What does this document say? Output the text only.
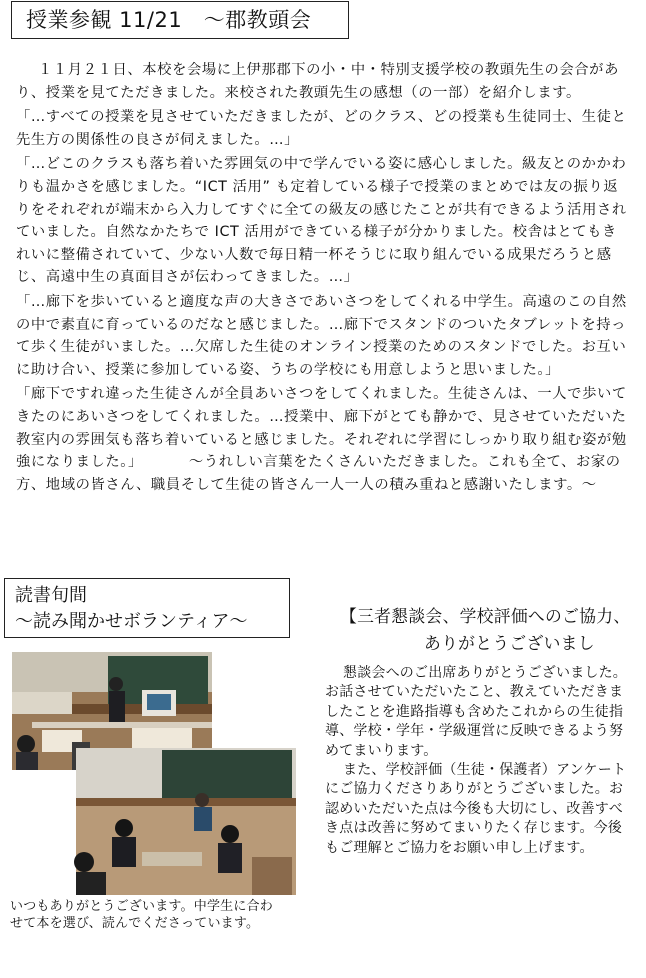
授業参観 11/21　～郡教頭会

１１月２１日、本校を会場に上伊那郡下の小・中・特別支援学校の教頭先生の会合があり、授業を見てただきました。来校された教頭先生の感想（の一部）を紹介します。

「…すべての授業を見させていただきましたが、どのクラス、どの授業も生徒同士、生徒と先生方の関係性の良さが伺えました。…」

「…どこのクラスも落ち着いた雰囲気の中で学んでいる姿に感心しました。級友とのかかわりも温かさを感じました。“ICT 活用” も定着している様子で授業のまとめでは友の振り返りをそれぞれが端末から入力してすぐに全ての級友の感じたことが共有できるよう活用されていました。自然なかたちで ICT 活用ができている様子が分かりました。校舎はとてもきれいに整備されていて、少ない人数で毎日精一杯そうじに取り組んでいる成果だろうと感じ、高遠中生の真面目さが伝わってきました。…」

「…廊下を歩いていると適度な声の大きさであいさつをしてくれる中学生。高遠のこの自然の中で素直に育っているのだなと感じました。…廊下でスタンドのついたタブレットを持って歩く生徒がいました。…欠席した生徒のオンライン授業のためのスタンドでした。お互いに助け合い、授業に参加している姿、うちの学校にも用意しようと思いました。」

「廊下ですれ違った生徒さんが全員あいさつをしてくれました。生徒さんは、一人で歩いてきたのにあいさつをしてくれました。…授業中、廊下がとても静かで、見させていただいた教室内の雰囲気も落ち着いていると感じました。それぞれに学習にしっかり取り組む姿が勉強になりました。」	～うれしい言葉をたくさんいただきました。これも全て、お家の方、地域の皆さん、職員そして生徒の皆さん一人一人の積み重ねと感謝いたします。～

読書旬間
～読み聞かせボランティア～
いつもありがとうございます。中学生に合わせて本を選び、読んでくださっています。
【三者懇談会、学校評価へのご協力、
ありがとうございまし

懇談会へのご出席ありがとうございました。お話させていただいたこと、教えていただきましたことを進路指導も含めたこれからの生徒指導、学校・学年・学級運営に反映できるよう努めてまいります。

また、学校評価（生徒・保護者）アンケートにご協力くださりありがとうございました。お認めいただいた点は今後も大切にし、改善すべき点は改善に努めてまいりたく存じます。今後もご理解とご協力をお願い申し上げます。
